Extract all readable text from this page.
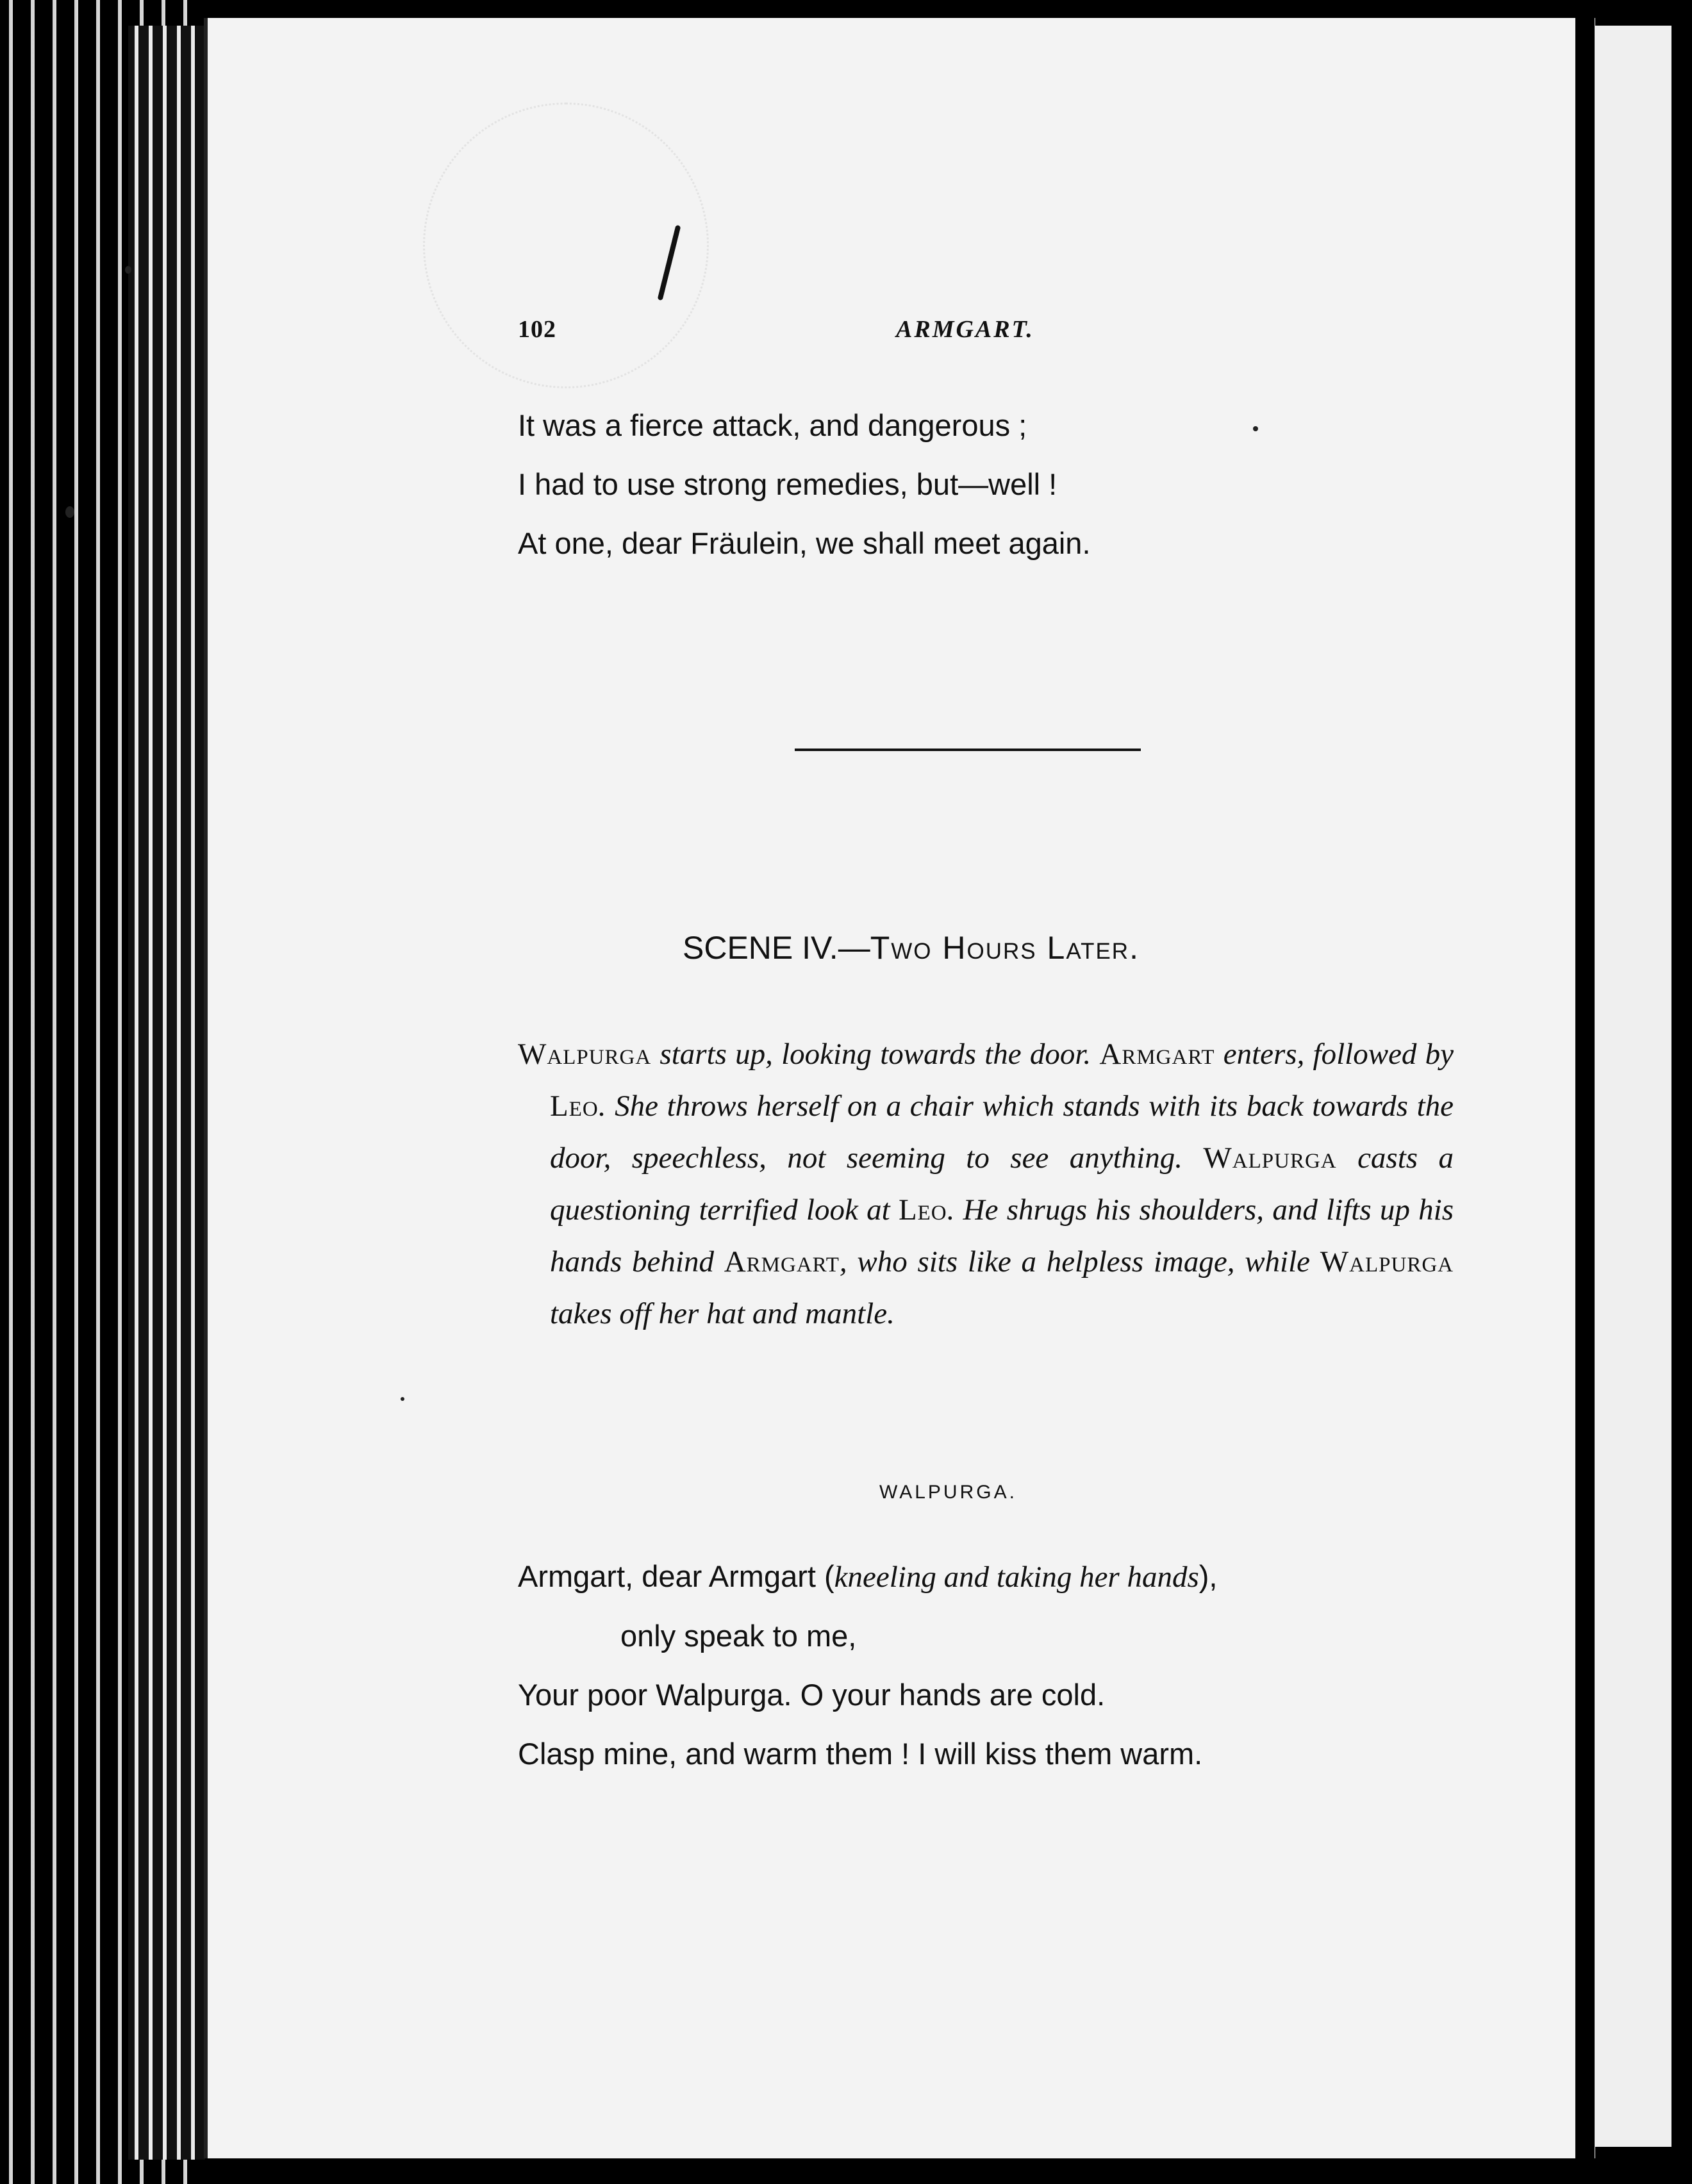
102	ARMGART.
It was a fierce attack, and dangerous ;
I had to use strong remedies, but—well !
At one, dear Fräulein, we shall meet again.
SCENE IV.—Two Hours Later.
Walpurga starts up, looking towards the door. Armgart enters, followed by Leo. She throws herself on a chair which stands with its back towards the door, speechless, not seeming to see anything. Walpurga casts a questioning terrified look at Leo. He shrugs his shoulders, and lifts up his hands behind Armgart, who sits like a helpless image, while Walpurga takes off her hat and mantle.
WALPURGA.
Armgart, dear Armgart (kneeling and taking her hands),
only speak to me,
Your poor Walpurga. O your hands are cold.
Clasp mine, and warm them ! I will kiss them warm.
